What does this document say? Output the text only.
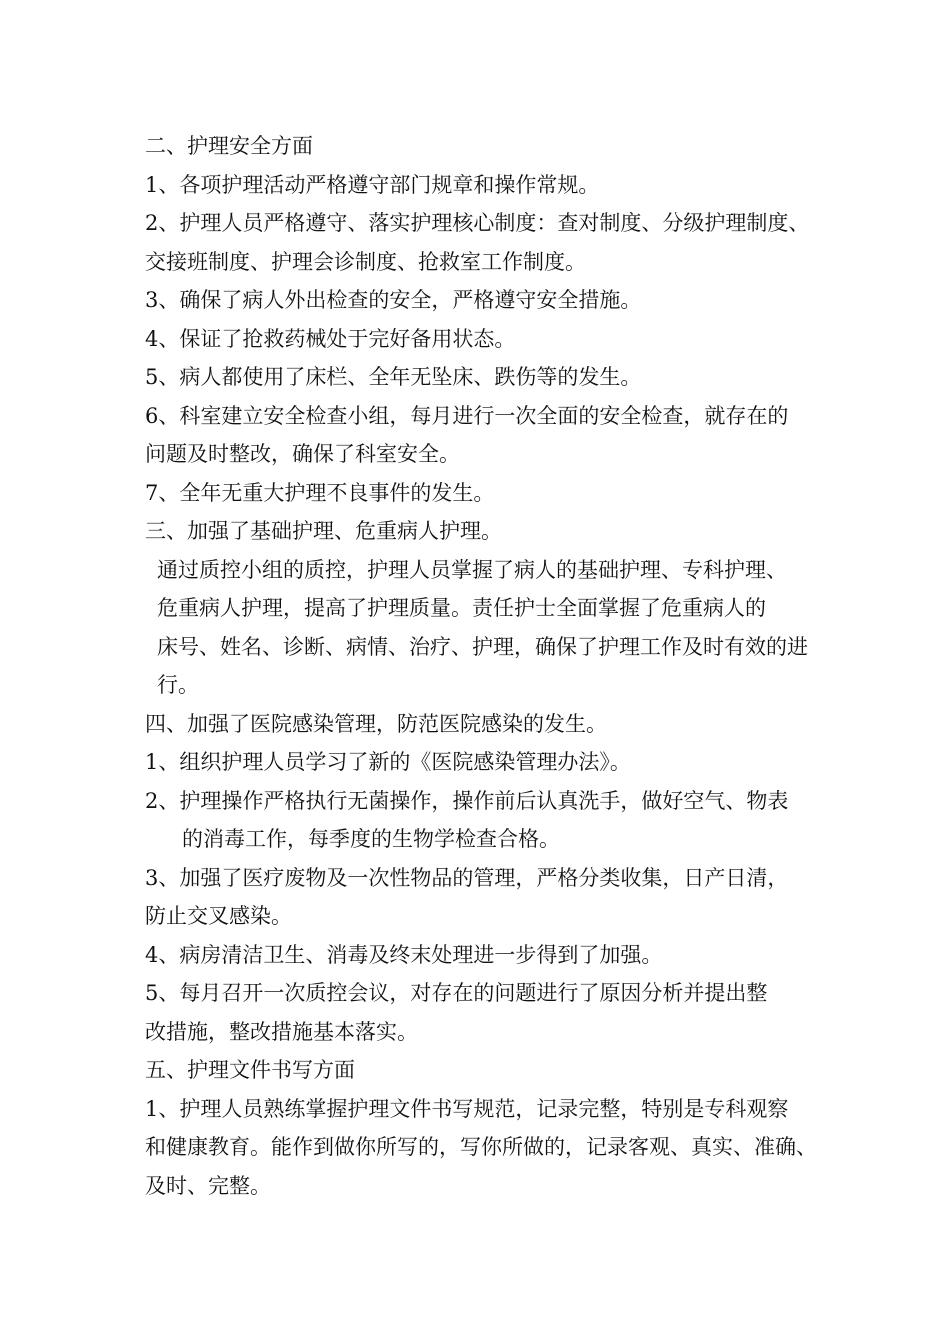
二、护理安全方面
1、各项护理活动严格遵守部门规章和操作常规。
2、护理人员严格遵守、落实护理核心制度：查对制度、分级护理制度、
交接班制度、护理会诊制度、抢救室工作制度。
3、确保了病人外出检查的安全，严格遵守安全措施。
4、保证了抢救药械处于完好备用状态。
5、病人都使用了床栏、全年无坠床、跌伤等的发生。
6、科室建立安全检查小组，每月进行一次全面的安全检查，就存在的
问题及时整改，确保了科室安全。
7、全年无重大护理不良事件的发生。
三、加强了基础护理、危重病人护理。
通过质控小组的质控，护理人员掌握了病人的基础护理、专科护理、
危重病人护理，提高了护理质量。责任护士全面掌握了危重病人的
床号、姓名、诊断、病情、治疗、护理，确保了护理工作及时有效的进
行。
四、加强了医院感染管理，防范医院感染的发生。
1、组织护理人员学习了新的《医院感染管理办法》。
2、护理操作严格执行无菌操作，操作前后认真洗手，做好空气、物表
的消毒工作，每季度的生物学检查合格。
3、加强了医疗废物及一次性物品的管理，严格分类收集，日产日清，
防止交叉感染。
4、病房清洁卫生、消毒及终末处理进一步得到了加强。
5、每月召开一次质控会议，对存在的问题进行了原因分析并提出整
改措施，整改措施基本落实。
五、护理文件书写方面
1、护理人员熟练掌握护理文件书写规范，记录完整，特别是专科观察
和健康教育。能作到做你所写的，写你所做的，记录客观、真实、准确、
及时、完整。
